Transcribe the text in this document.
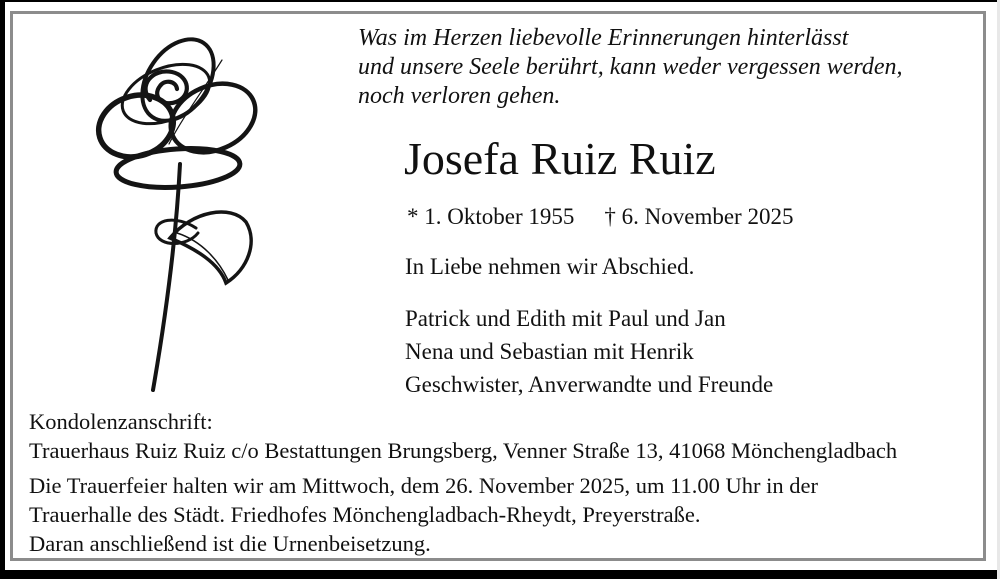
Was im Herzen liebevolle Erinnerungen hinterlässt
und unsere Seele berührt, kann weder vergessen werden,
noch verloren gehen.
Josefa Ruiz Ruiz
* 1. Oktober 1955 † 6. November 2025
In Liebe nehmen wir Abschied.
Patrick und Edith mit Paul und Jan
Nena und Sebastian mit Henrik
Geschwister, Anverwandte und Freunde
Kondolenzanschrift:
Trauerhaus Ruiz Ruiz c/o Bestattungen Brungsberg, Venner Straße 13, 41068 Mönchengladbach
Die Trauerfeier halten wir am Mittwoch, dem 26. November 2025, um 11.00 Uhr in der
Trauerhalle des Städt. Friedhofes Mönchengladbach-Rheydt, Preyerstraße.
Daran anschließend ist die Urnenbeisetzung.
